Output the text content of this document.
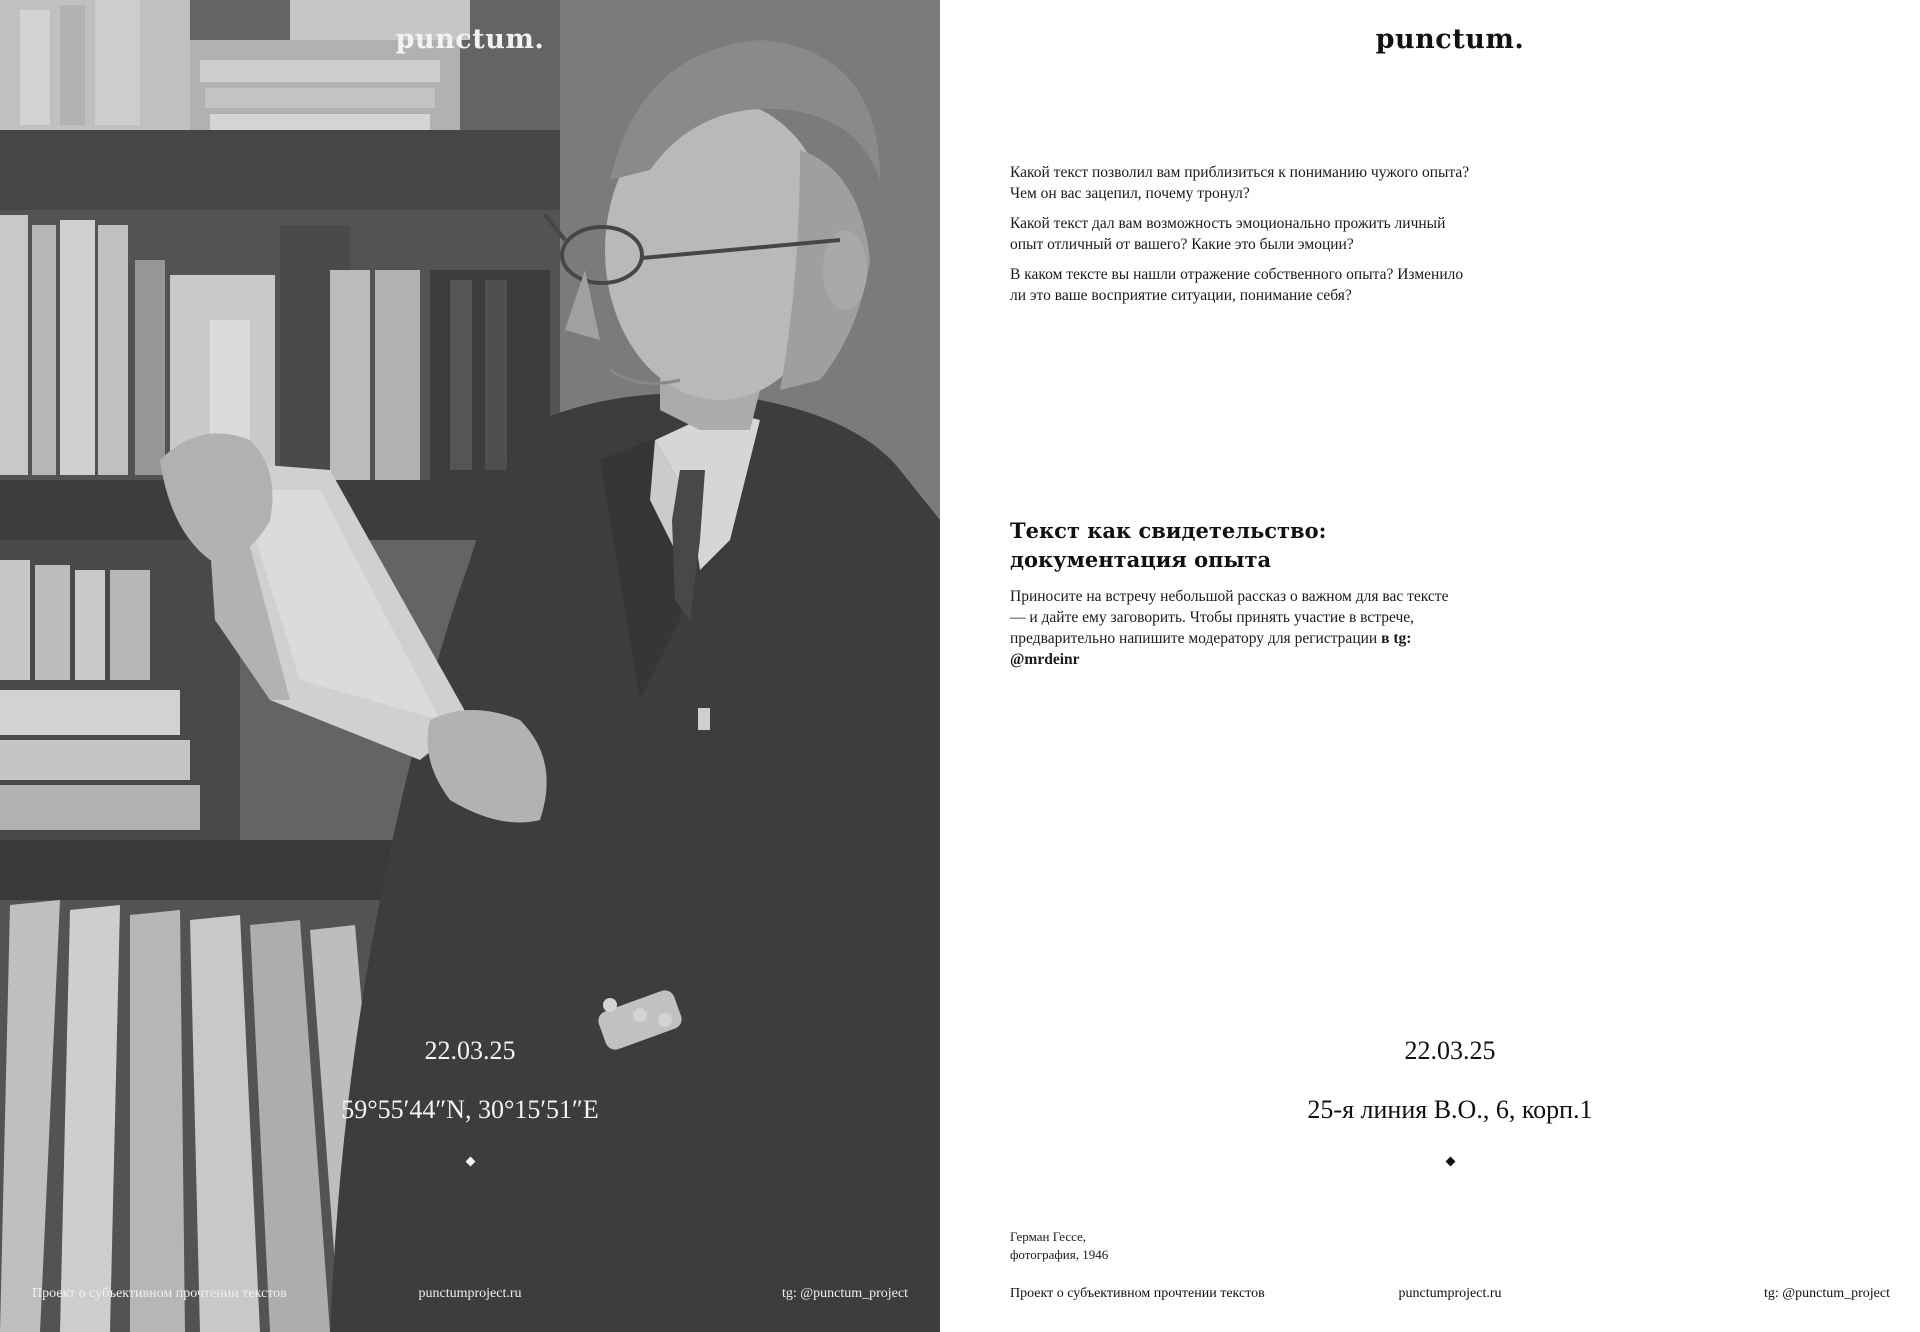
punctum.
22.03.25
59°55′44″N, 30°15′51″E
Проект о субъективном прочтении текстов	punctumproject.ru	tg: @punctum_project
punctum.

Какой текст позволил вам приблизиться к пониманию чужого опыта? Чем он вас зацепил, почему тронул?

Какой текст дал вам возможность эмоционально прожить личный опыт отличный от вашего? Какие это были эмоции?

В каком тексте вы нашли отражение собственного опыта? Изменило ли это ваше восприятие ситуации, понимание себя?

Текст как свидетельство:
документация опыта
Приносите на встречу небольшой рассказ о важном для вас тексте — и дайте ему заговорить. Чтобы принять участие в встрече, предварительно напишите модератору для регистрации в tg: @mrdeinr
22.03.25
25-я линия В.О., 6, корп.1
Герман Гессе,
фотография, 1946
Проект о субъективном прочтении текстов	punctumproject.ru	tg: @punctum_project
